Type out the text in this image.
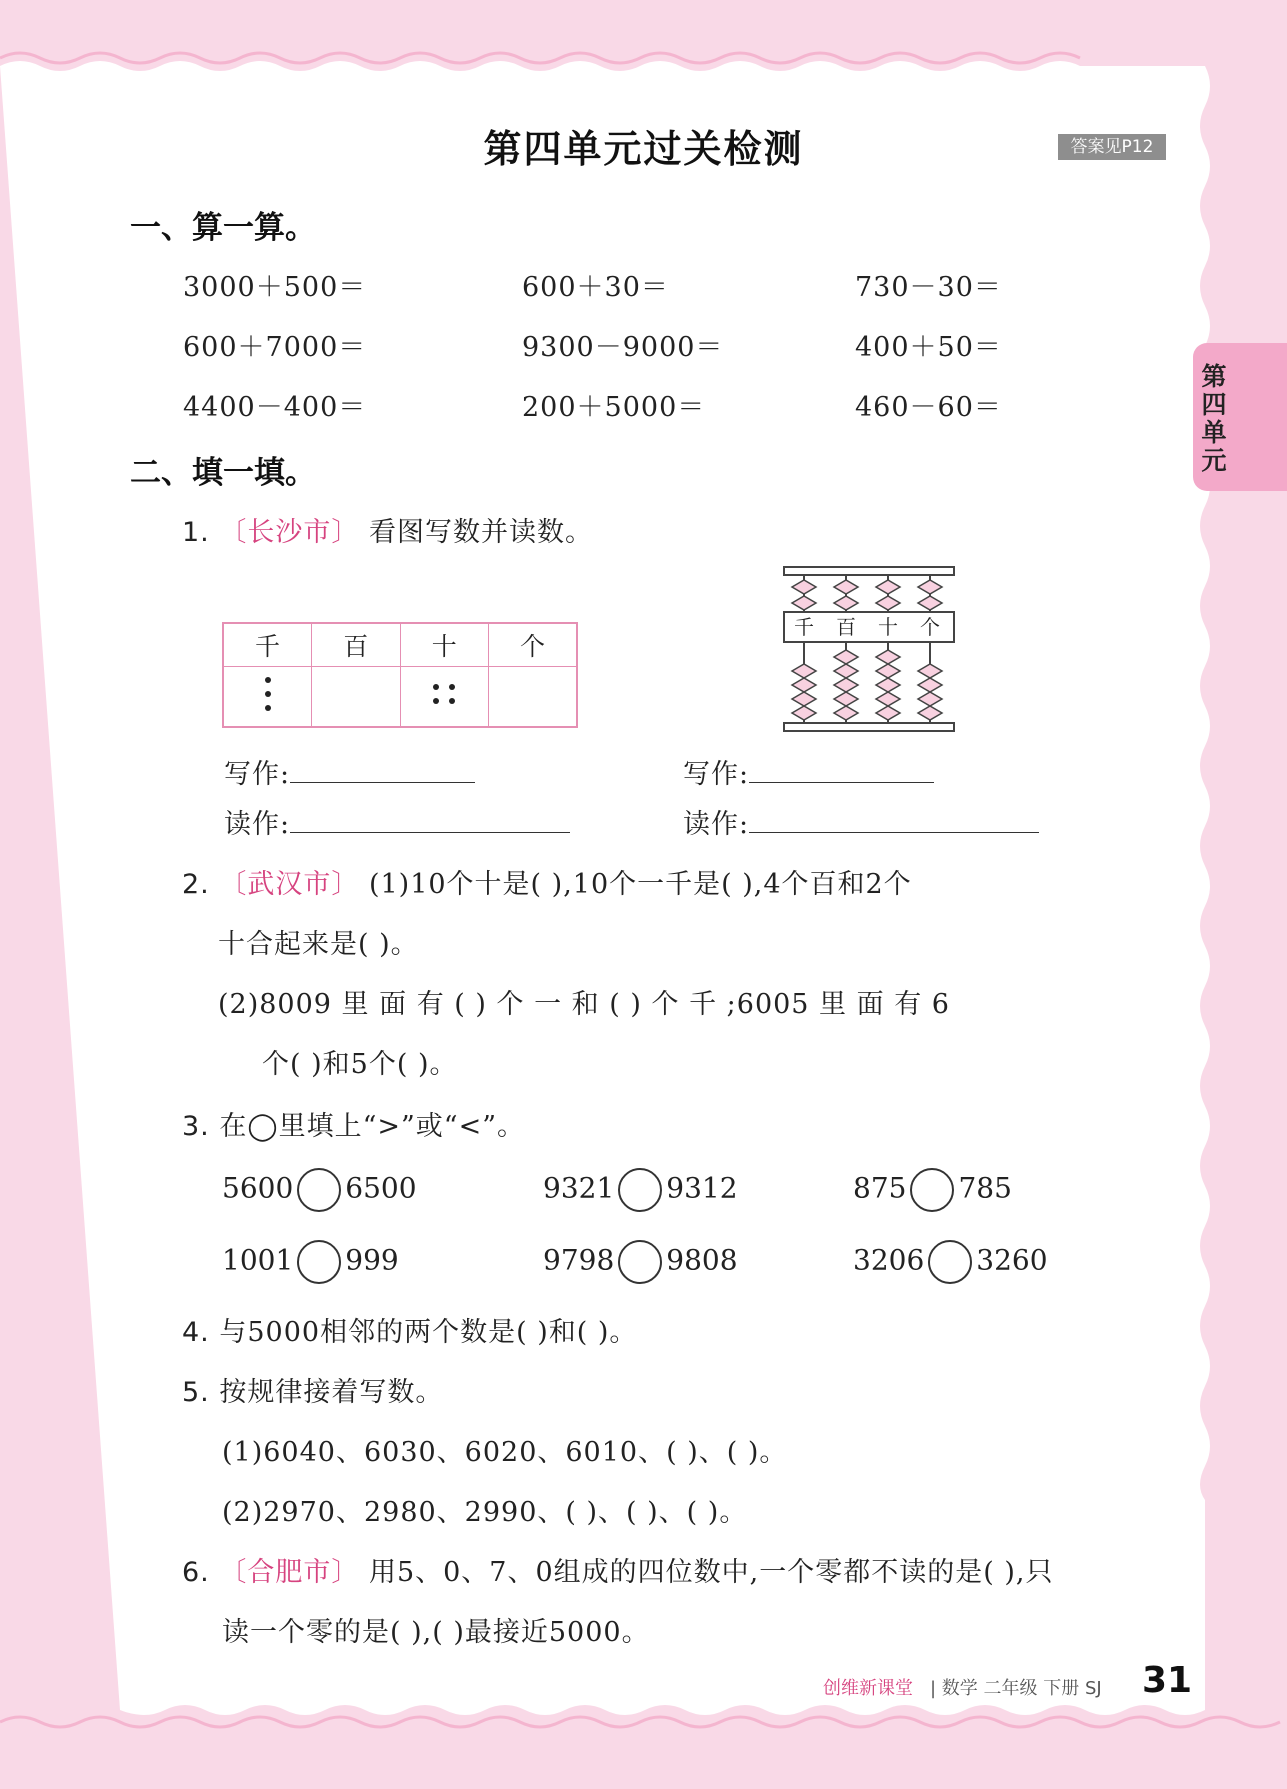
第四单元过关检测	答案见P12
第四单元
一、算一算。
3000＋500＝	600＋30＝	730－30＝
600＋7000＝	9300－9000＝	400＋50＝
4400－400＝	200＋5000＝	460－60＝
二、填一填。
1. 〔长沙市〕 看图写数并读数。
千	百	十	个

千 百 十 个
写作:
读作:
写作:
读作:
2. 〔武汉市〕 (1)10个十是( ),10个一千是( ),4个百和2个
十合起来是( )。
(2)8009 里 面 有 ( ) 个 一 和 ( ) 个 千 ;6005 里 面 有 6
个( )和5个( )。
3. 在◯里填上“>”或“<”。
5600 6500	9321 9312	875 785
1001 999	9798 9808	3206 3260
4. 与5000相邻的两个数是( )和( )。
5. 按规律接着写数。
(1)6040、6030、6020、6010、( )、( )。
(2)2970、2980、2990、( )、( )、( )。
6. 〔合肥市〕 用5、0、7、0组成的四位数中,一个零都不读的是( ),只
读一个零的是( ),( )最接近5000。
创维新课堂 | 数学 二年级 下册 SJ 31
